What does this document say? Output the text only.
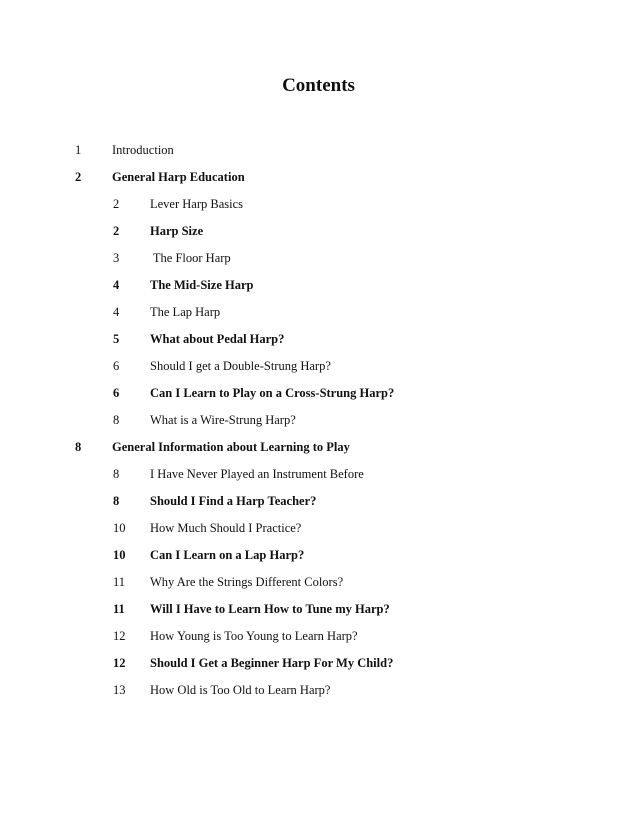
Contents
1 Introduction
2 General Harp Education
2 Lever Harp Basics
2 Harp Size
3 The Floor Harp
4 The Mid-Size Harp
4 The Lap Harp
5 What about Pedal Harp?
6 Should I get a Double-Strung Harp?
6 Can I Learn to Play on a Cross-Strung Harp?
8 What is a Wire-Strung Harp?
8 General Information about Learning to Play
8 I Have Never Played an Instrument Before
8 Should I Find a Harp Teacher?
10 How Much Should I Practice?
10 Can I Learn on a Lap Harp?
11 Why Are the Strings Different Colors?
11 Will I Have to Learn How to Tune my Harp?
12 How Young is Too Young to Learn Harp?
12 Should I Get a Beginner Harp For My Child?
13 How Old is Too Old to Learn Harp?
